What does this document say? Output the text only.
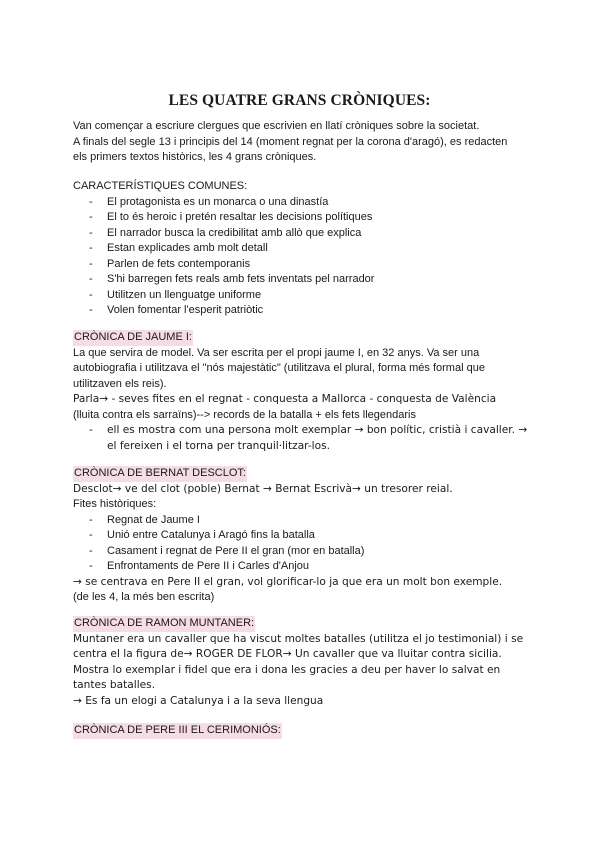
LES QUATRE GRANS CRÒNIQUES:

Van començar a escriure clergues que escrivien en llatí cròniques sobre la societat.

A finals del segle 13 i principis del 14 (moment regnat per la corona d'aragó), es redacten

els primers textos històrics, les 4 grans cròniques.

CARACTERÍSTIQUES COMUNES:

- El protagonista es un monarca o una dinastía
- El to és heroic i pretén resaltar les decisions polítiques
- El narrador busca la credibilitat amb allò que explica
- Estan explicades amb molt detall
- Parlen de fets contemporanis
- S'hi barregen fets reals amb fets inventats pel narrador
- Utilitzen un llenguatge uniforme
- Volen fomentar l'esperit patriòtic

CRÒNICA DE JAUME I:

La que servira de model. Va ser escrita per el propi jaume I, en 32 anys. Va ser una autobiografia i utilitzava el "nós majestàtic" (utilitzava el plural, forma més formal que utilitzaven els reis).

Parla→ - seves fites en el regnat - conquesta a Mallorca - conquesta de València

(lluita contra els sarraïns)--> records de la batalla + els fets llegendaris

- ell es mostra com una persona molt exemplar → bon polític, cristià i cavaller. → el fereixen i el torna per tranquil·litzar-los.

CRÒNICA DE BERNAT DESCLOT:

Desclot→ ve del clot (poble) Bernat → Bernat Escrivà→ un tresorer reial.

Fites històriques:

- Regnat de Jaume I
- Unió entre Catalunya i Aragó fins la batalla
- Casament i regnat de Pere II el gran (mor en batalla)
- Enfrontaments de Pere II i Carles d'Anjou

→ se centrava en Pere II el gran, vol glorificar-lo ja que era un molt bon exemple.

(de les 4, la més ben escrita)

CRÒNICA DE RAMON MUNTANER:

Muntaner era un cavaller que ha viscut moltes batalles (utilitza el jo testimonial) i se centra el la figura de→ ROGER DE FLOR→ Un cavaller que va lluitar contra sicilia. Mostra lo exemplar i fidel que era i dona les gracies a deu per haver lo salvat en tantes batalles.

→ Es fa un elogi a Catalunya i a la seva llengua

CRÒNICA DE PERE III EL CERIMONIÓS:
